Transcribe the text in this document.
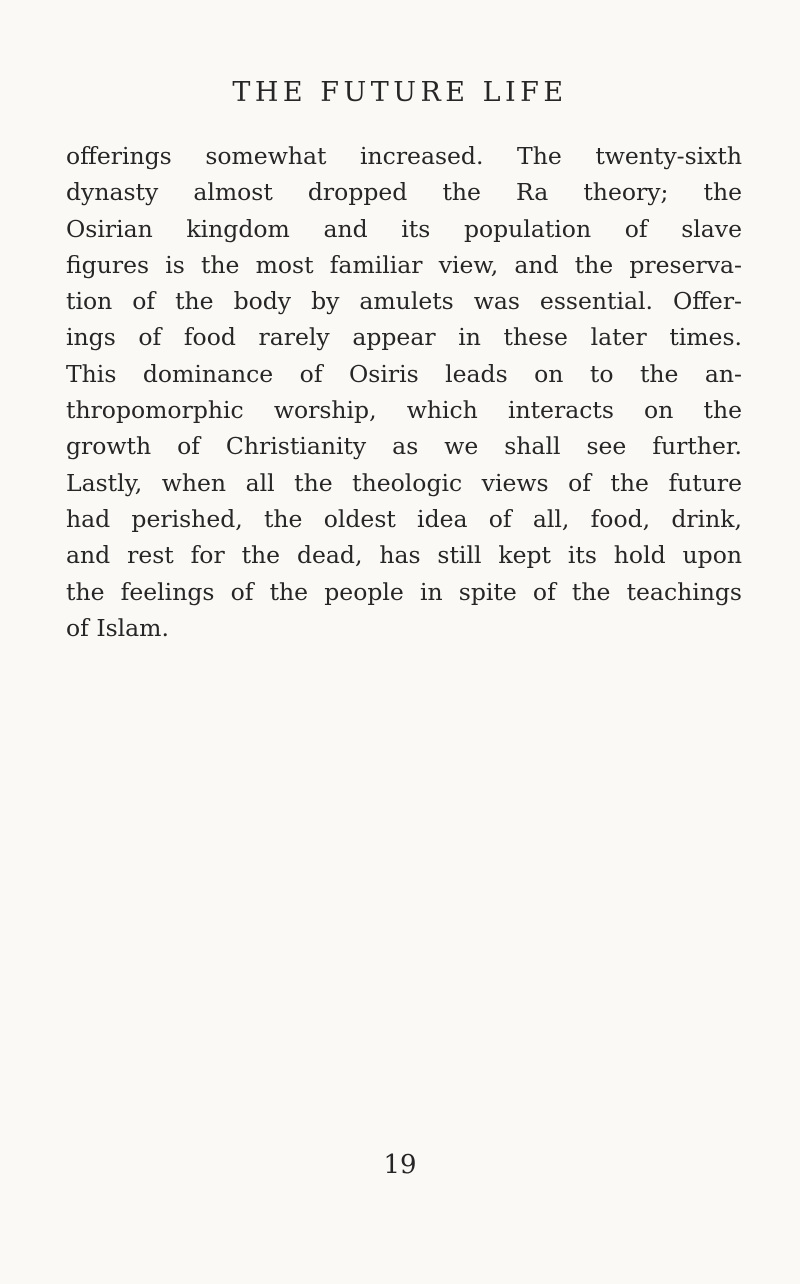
THE FUTURE LIFE
offerings somewhat increased. The twenty-sixth
dynasty almost dropped the Ra theory; the
Osirian kingdom and its population of slave
figures is the most familiar view, and the preserva-
tion of the body by amulets was essential. Offer-
ings of food rarely appear in these later times.
This dominance of Osiris leads on to the an-
thropomorphic worship, which interacts on the
growth of Christianity as we shall see further.
Lastly, when all the theologic views of the future
had perished, the oldest idea of all, food, drink,
and rest for the dead, has still kept its hold upon
the feelings of the people in spite of the teachings
of Islam.
19
